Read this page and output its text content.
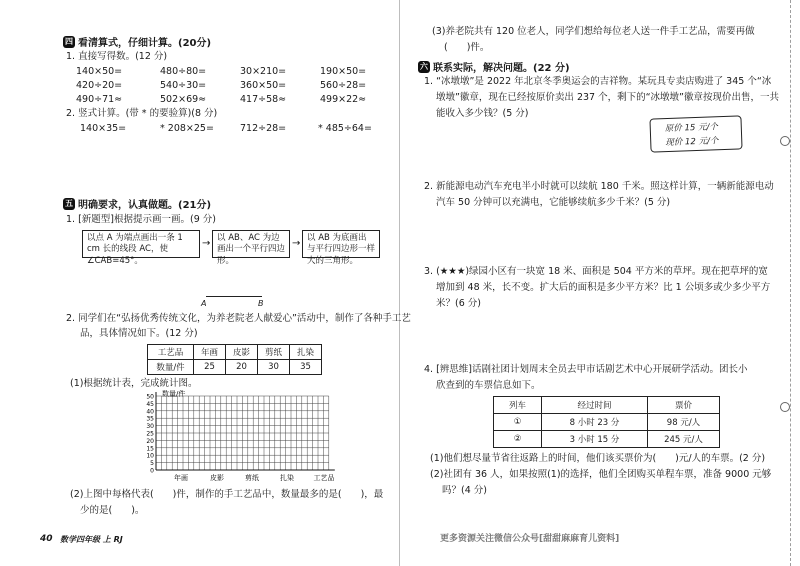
四 看清算式，仔细计算。(20分)
1. 直接写得数。(12 分)
140×50=	480÷80=	30×210=	190×50=
420÷20=	540÷30=	360×50=	560÷28=
490÷71≈	502×69≈	417÷58≈	499×22≈
2. 竖式计算。(带 * 的要验算)(8 分)
140×35=	* 208×25=	712÷28=	* 485÷64=
五 明确要求，认真做题。(21分)
1. [新题型]根据提示画一画。(9 分)
以点 A 为端点画出一条 1 cm 长的线段 AC，使∠CAB=45°。
→ 以 AB、AC 为边画出一个平行四边形。
→ 以 AB 为底画出与平行四边形一样大的三角形。
A	B
2. 同学们在“弘扬优秀传统文化，为养老院老人献爱心”活动中，制作了各种手工艺
品，具体情况如下。(12 分)
工艺品	年画	皮影	剪纸	扎染
数量/件	25	20	30	35
(1)根据统计表，完成統计图。
数量/件
50
45
40
35
30
25
20
15
10
5
0
年画	皮影	剪纸	扎染	工艺品
(2)上图中每格代表(　　)件，制作的手工艺品中，数量最多的是(　　)，最
少的是(　　)。
40 数学四年级 上 RJ
(3)养老院共有 120 位老人，同学们想给每位老人送一件手工艺品，需要再做
(　　)件。
六 联系实际，解决问题。(22 分)
1. “冰墩墩”是 2022 年北京冬季奥运会的吉祥物。某玩具专卖店购进了 345 个“冰
墩墩”徽章，现在已经按原价卖出 237 个，剩下的“冰墩墩”徽章按现价出售，一共
能收入多少钱？(5 分)
原价 15 元/个
现价 12 元/个
2. 新能源电动汽车充电半小时就可以续航 180 千米。照这样计算，一辆新能源电动
汽车 50 分钟可以充满电，它能够续航多少千米？(5 分)
3. (★★★)绿园小区有一块宽 18 米、面积是 504 平方米的草坪。现在把草坪的宽
增加到 48 米，长不变。扩大后的面积是多少平方米？比 1 公顷多或少多少平方
米？(6 分)
4. [辨思维]话剧社团计划周末全员去甲市话剧艺术中心开展研学活动。团长小
欣查到的车票信息如下。
列车	经过时间	票价
①	8 小时 23 分	98 元/人
②	3 小时 15 分	245 元/人
(1)他们想尽量节省往返路上的时间，他们该买票价为(　　)元/人的车票。(2 分)
(2)社团有 36 人，如果按照(1)的选择，他们全团购买单程车票，准备 9000 元够
吗？(4 分)
更多资源关注微信公众号[甜甜麻麻育儿资料]
